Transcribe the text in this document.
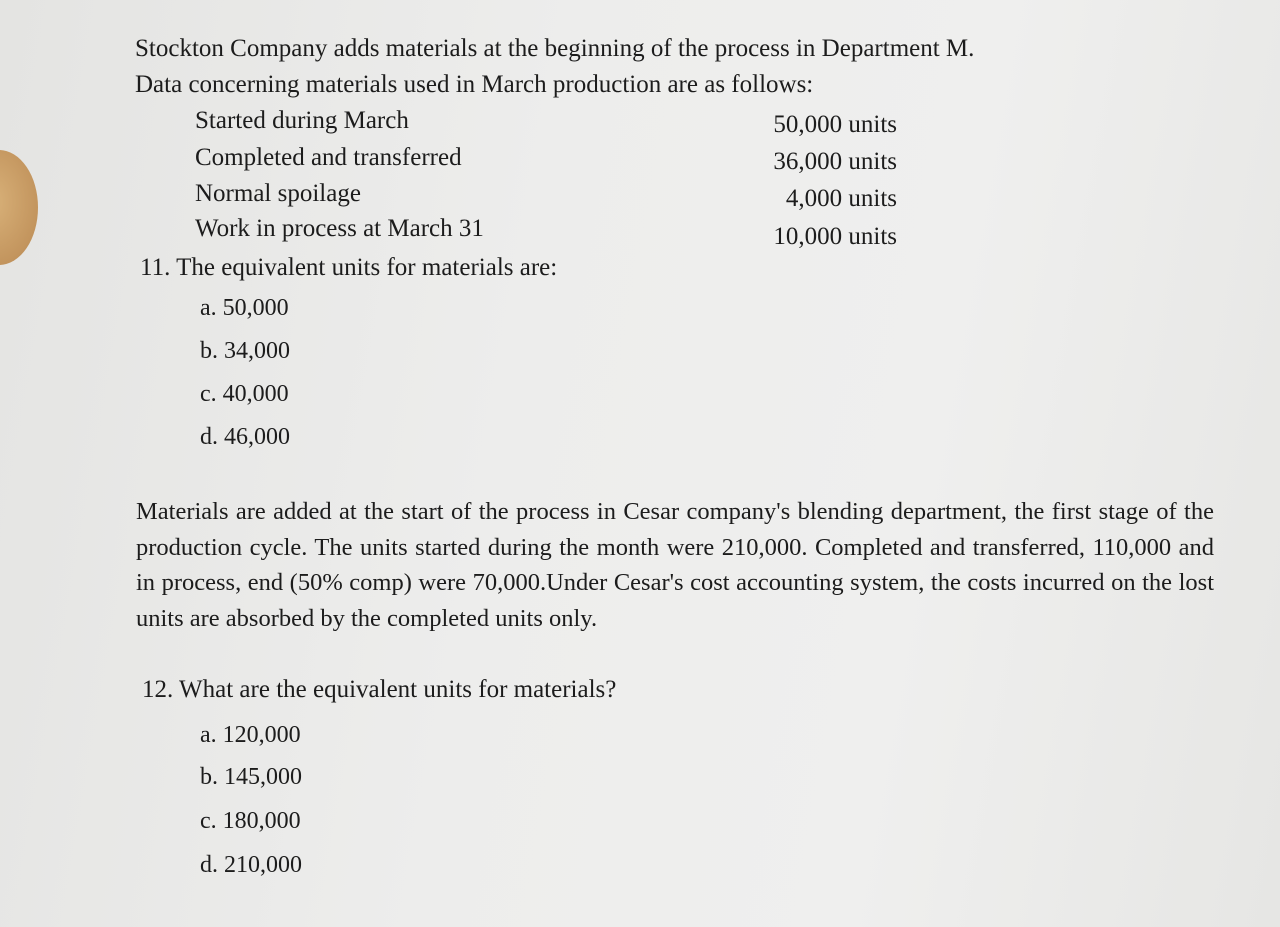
Stockton Company adds materials at the beginning of the process in Department M.
Data concerning materials used in March production are as follows:
Started during March	50,000 units
Completed and transferred	36,000 units
Normal spoilage	4,000 units
Work in process at March 31	10,000 units
11. The equivalent units for materials are:
a. 50,000
b. 34,000
c. 40,000
d. 46,000
Materials are added at the start of the process in Cesar company's blending department, the first stage of the production cycle. The units started during the month were 210,000. Completed and transferred, 110,000 and in process, end (50% comp) were 70,000.Under Cesar's cost accounting system, the costs incurred on the lost units are absorbed by the completed units only.
12. What are the equivalent units for materials?
a. 120,000
b. 145,000
c. 180,000
d. 210,000
